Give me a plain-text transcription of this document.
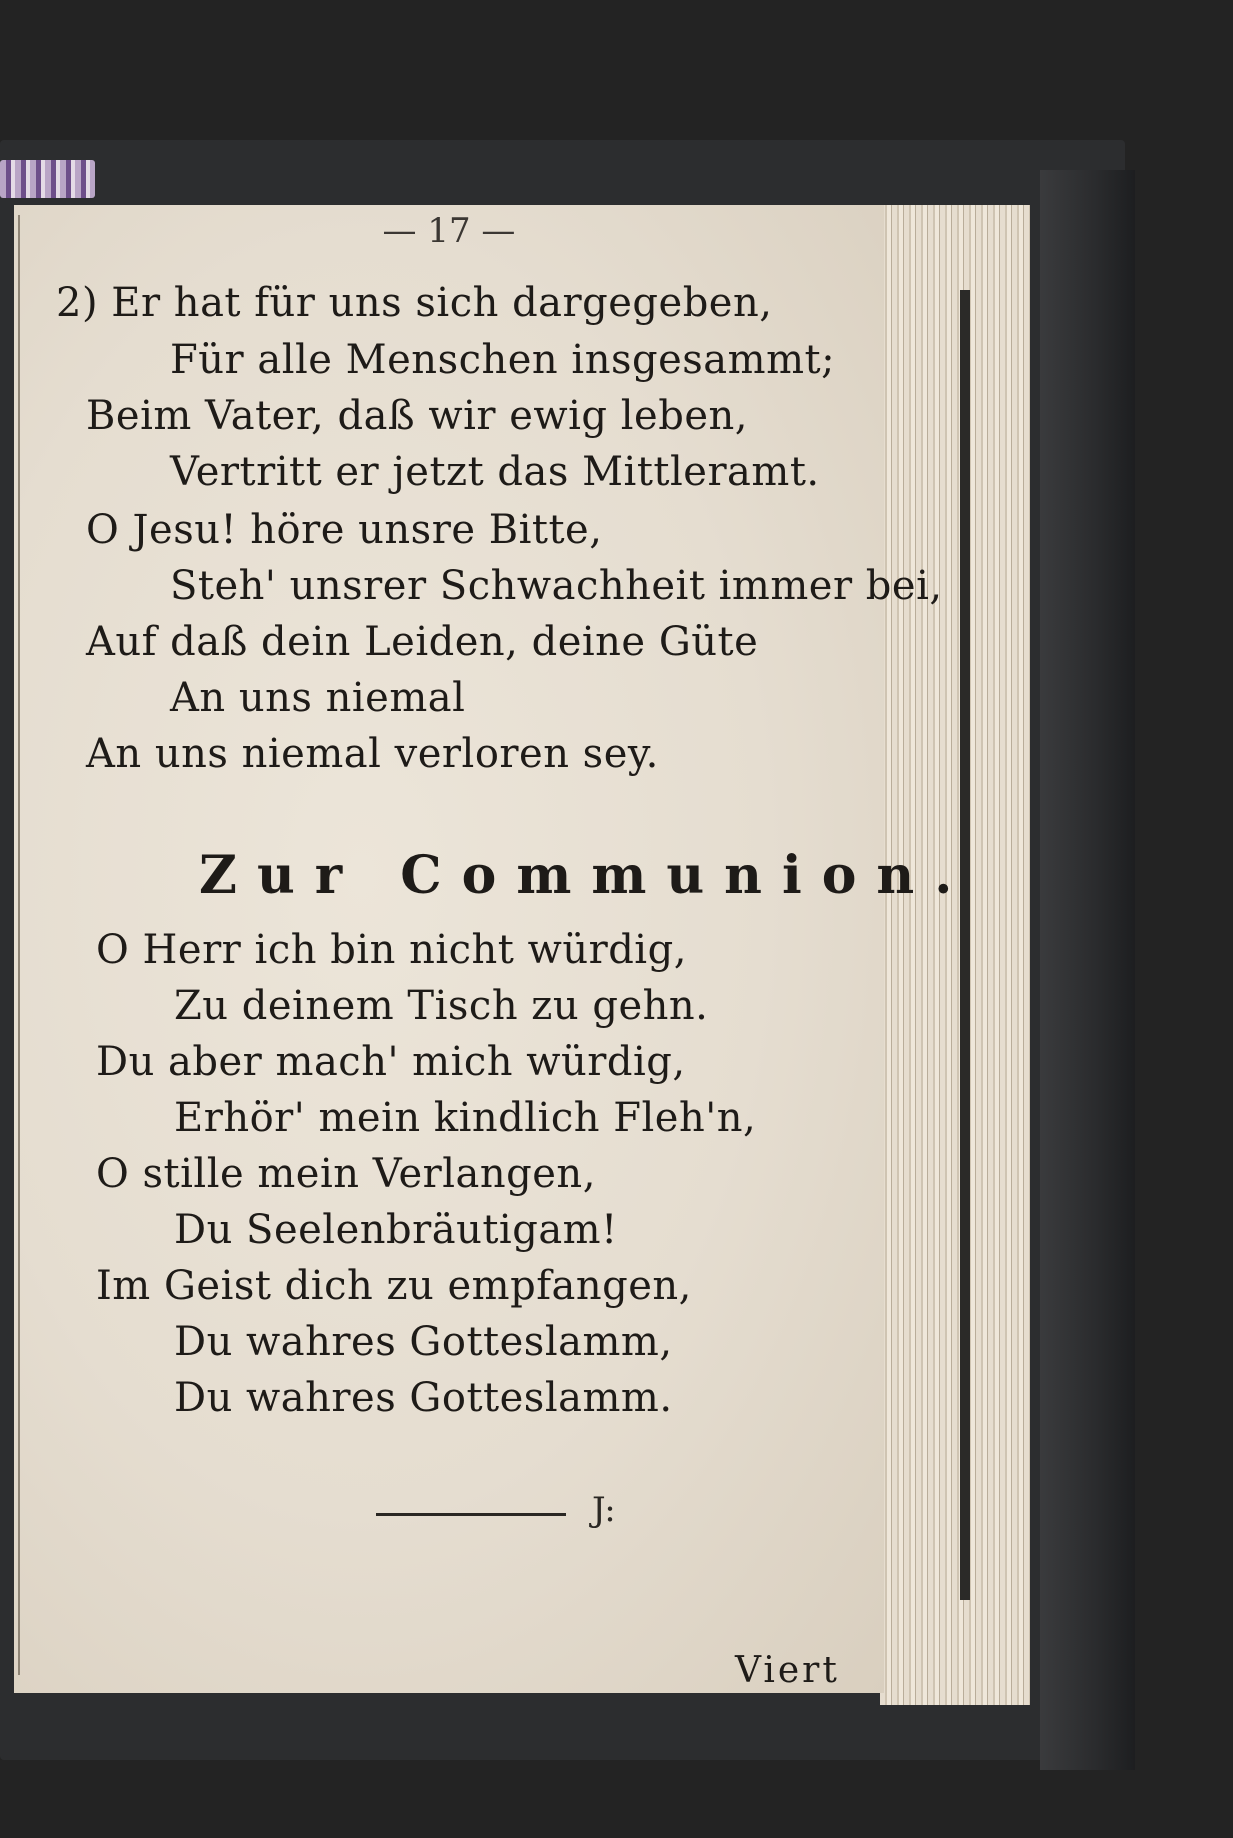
— 17 —
2) Er hat für uns sich dargegeben,
Für alle Menschen insgesammt;
Beim Vater, daß wir ewig leben,
Vertritt er jetzt das Mittleramt.
O Jesu! höre unsre Bitte,
Steh' unsrer Schwachheit immer bei,
Auf daß dein Leiden, deine Güte
An uns niemal
An uns niemal verloren sey.
Zur Communion.
O Herr ich bin nicht würdig,
Zu deinem Tisch zu gehn.
Du aber mach' mich würdig,
Erhör' mein kindlich Fleh'n,
O stille mein Verlangen,
Du Seelenbräutigam!
Im Geist dich zu empfangen,
Du wahres Gotteslamm,
Du wahres Gotteslamm.
J:
Viert
